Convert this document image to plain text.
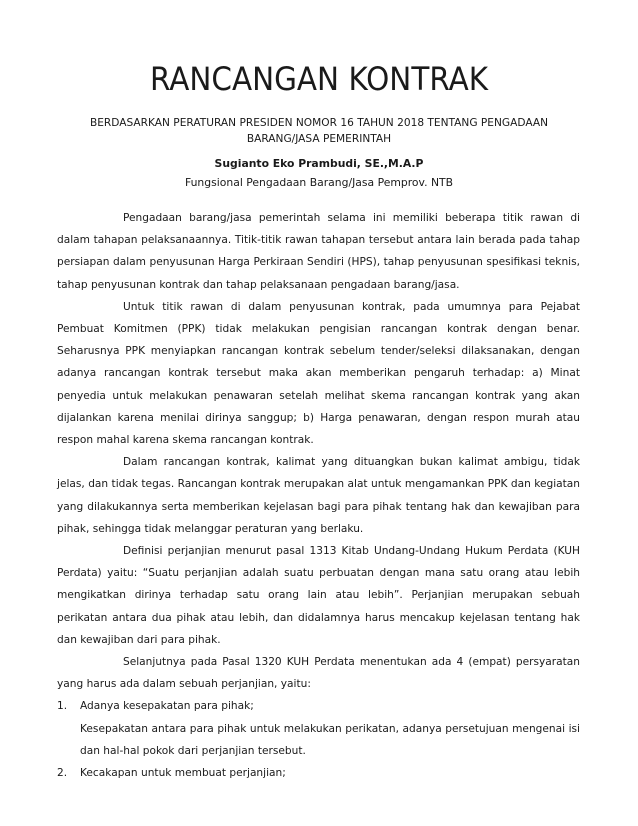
RANCANGAN KONTRAK
BERDASARKAN PERATURAN PRESIDEN NOMOR 16 TAHUN 2018 TENTANG PENGADAAN BARANG/JASA PEMERINTAH
Sugianto Eko Prambudi, SE.,M.A.P
Fungsional Pengadaan Barang/Jasa Pemprov. NTB

Pengadaan barang/jasa pemerintah selama ini memiliki beberapa titik rawan di dalam tahapan pelaksanaannya. Titik-titik rawan tahapan tersebut antara lain berada pada tahap persiapan dalam penyusunan Harga Perkiraan Sendiri (HPS), tahap penyusunan spesifikasi teknis, tahap penyusunan kontrak dan tahap pelaksanaan pengadaan barang/jasa.

Untuk titik rawan di dalam penyusunan kontrak, pada umumnya para Pejabat Pembuat Komitmen (PPK) tidak melakukan pengisian rancangan kontrak dengan benar. Seharusnya PPK menyiapkan rancangan kontrak sebelum tender/seleksi dilaksanakan, dengan adanya rancangan kontrak tersebut maka akan memberikan pengaruh terhadap: a) Minat penyedia untuk melakukan penawaran setelah melihat skema rancangan kontrak yang akan dijalankan karena menilai dirinya sanggup; b) Harga penawaran, dengan respon murah atau respon mahal karena skema rancangan kontrak.

Dalam rancangan kontrak, kalimat yang dituangkan bukan kalimat ambigu, tidak jelas, dan tidak tegas. Rancangan kontrak merupakan alat untuk mengamankan PPK dan kegiatan yang dilakukannya serta memberikan kejelasan bagi para pihak tentang hak dan kewajiban para pihak, sehingga tidak melanggar peraturan yang berlaku.

Definisi perjanjian menurut pasal 1313 Kitab Undang-Undang Hukum Perdata (KUH Perdata) yaitu: “Suatu perjanjian adalah suatu perbuatan dengan mana satu orang atau lebih mengikatkan dirinya terhadap satu orang lain atau lebih”. Perjanjian merupakan sebuah perikatan antara dua pihak atau lebih, dan didalamnya harus mencakup kejelasan tentang hak dan kewajiban dari para pihak.

Selanjutnya pada Pasal 1320 KUH Perdata menentukan ada 4 (empat) persyaratan yang harus ada dalam sebuah perjanjian, yaitu:

1. Adanya kesepakatan para pihak;
Kesepakatan antara para pihak untuk melakukan perikatan, adanya persetujuan mengenai isi dan hal-hal pokok dari perjanjian tersebut.
2. Kecakapan untuk membuat perjanjian;
